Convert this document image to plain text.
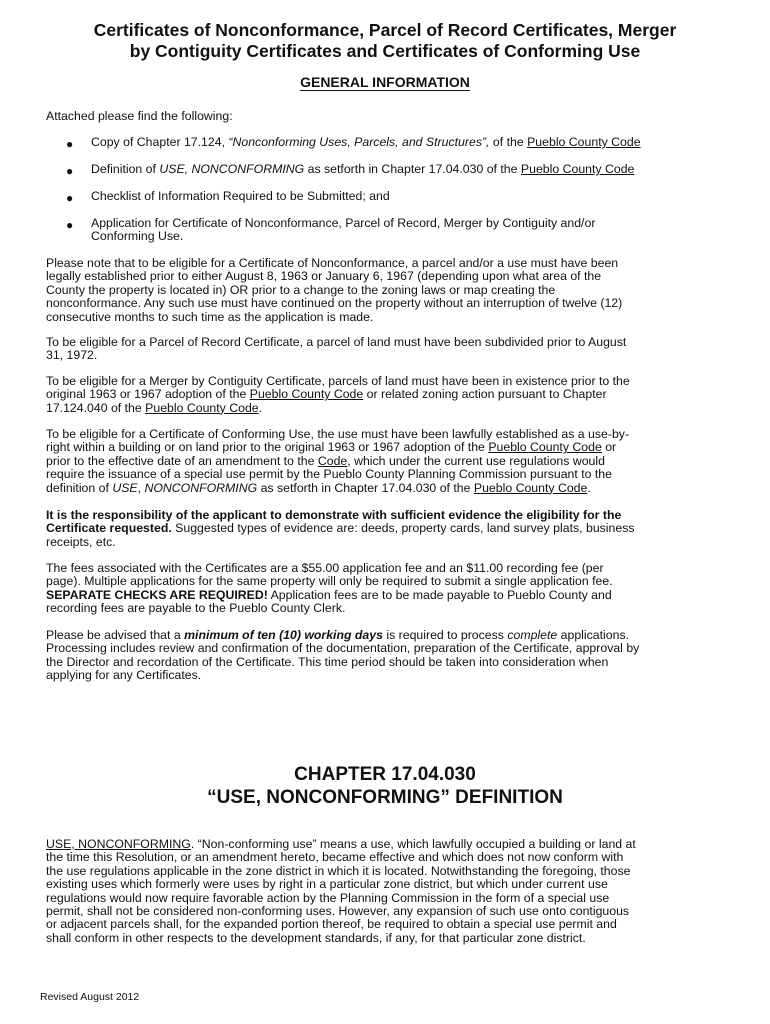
Certificates of Nonconformance, Parcel of Record Certificates, Merger
by Contiguity Certificates and Certificates of Conforming Use
GENERAL INFORMATION

Attached please find the following:

● Copy of Chapter 17.124, “Nonconforming Uses, Parcels, and Structures”, of the Pueblo County Code

● Definition of USE, NONCONFORMING as setforth in Chapter 17.04.030 of the Pueblo County Code

● Checklist of Information Required to be Submitted; and

● Application for Certificate of Nonconformance, Parcel of Record, Merger by Contiguity and/or
Conforming Use.

Please note that to be eligible for a Certificate of Nonconformance, a parcel and/or a use must have been
legally established prior to either August 8, 1963 or January 6, 1967 (depending upon what area of the
County the property is located in) OR prior to a change to the zoning laws or map creating the
nonconformance. Any such use must have continued on the property without an interruption of twelve (12)
consecutive months to such time as the application is made.

To be eligible for a Parcel of Record Certificate, a parcel of land must have been subdivided prior to August
31, 1972.

To be eligible for a Merger by Contiguity Certificate, parcels of land must have been in existence prior to the
original 1963 or 1967 adoption of the Pueblo County Code or related zoning action pursuant to Chapter
17.124.040 of the Pueblo County Code.

To be eligible for a Certificate of Conforming Use, the use must have been lawfully established as a use-by-
right within a building or on land prior to the original 1963 or 1967 adoption of the Pueblo County Code or
prior to the effective date of an amendment to the Code, which under the current use regulations would
require the issuance of a special use permit by the Pueblo County Planning Commission pursuant to the
definition of USE, NONCONFORMING as setforth in Chapter 17.04.030 of the Pueblo County Code.

It is the responsibility of the applicant to demonstrate with sufficient evidence the eligibility for the
Certificate requested. Suggested types of evidence are: deeds, property cards, land survey plats, business
receipts, etc.

The fees associated with the Certificates are a $55.00 application fee and an $11.00 recording fee (per
page). Multiple applications for the same property will only be required to submit a single application fee.
SEPARATE CHECKS ARE REQUIRED! Application fees are to be made payable to Pueblo County and
recording fees are payable to the Pueblo County Clerk.

Please be advised that a minimum of ten (10) working days is required to process complete applications.
Processing includes review and confirmation of the documentation, preparation of the Certificate, approval by
the Director and recordation of the Certificate. This time period should be taken into consideration when
applying for any Certificates.

CHAPTER 17.04.030
“USE, NONCONFORMING” DEFINITION

USE, NONCONFORMING. “Non-conforming use” means a use, which lawfully occupied a building or land at
the time this Resolution, or an amendment hereto, became effective and which does not now conform with
the use regulations applicable in the zone district in which it is located. Notwithstanding the foregoing, those
existing uses which formerly were uses by right in a particular zone district, but which under current use
regulations would now require favorable action by the Planning Commission in the form of a special use
permit, shall not be considered non-conforming uses. However, any expansion of such use onto contiguous
or adjacent parcels shall, for the expanded portion thereof, be required to obtain a special use permit and
shall conform in other respects to the development standards, if any, for that particular zone district.

Revised August 2012
